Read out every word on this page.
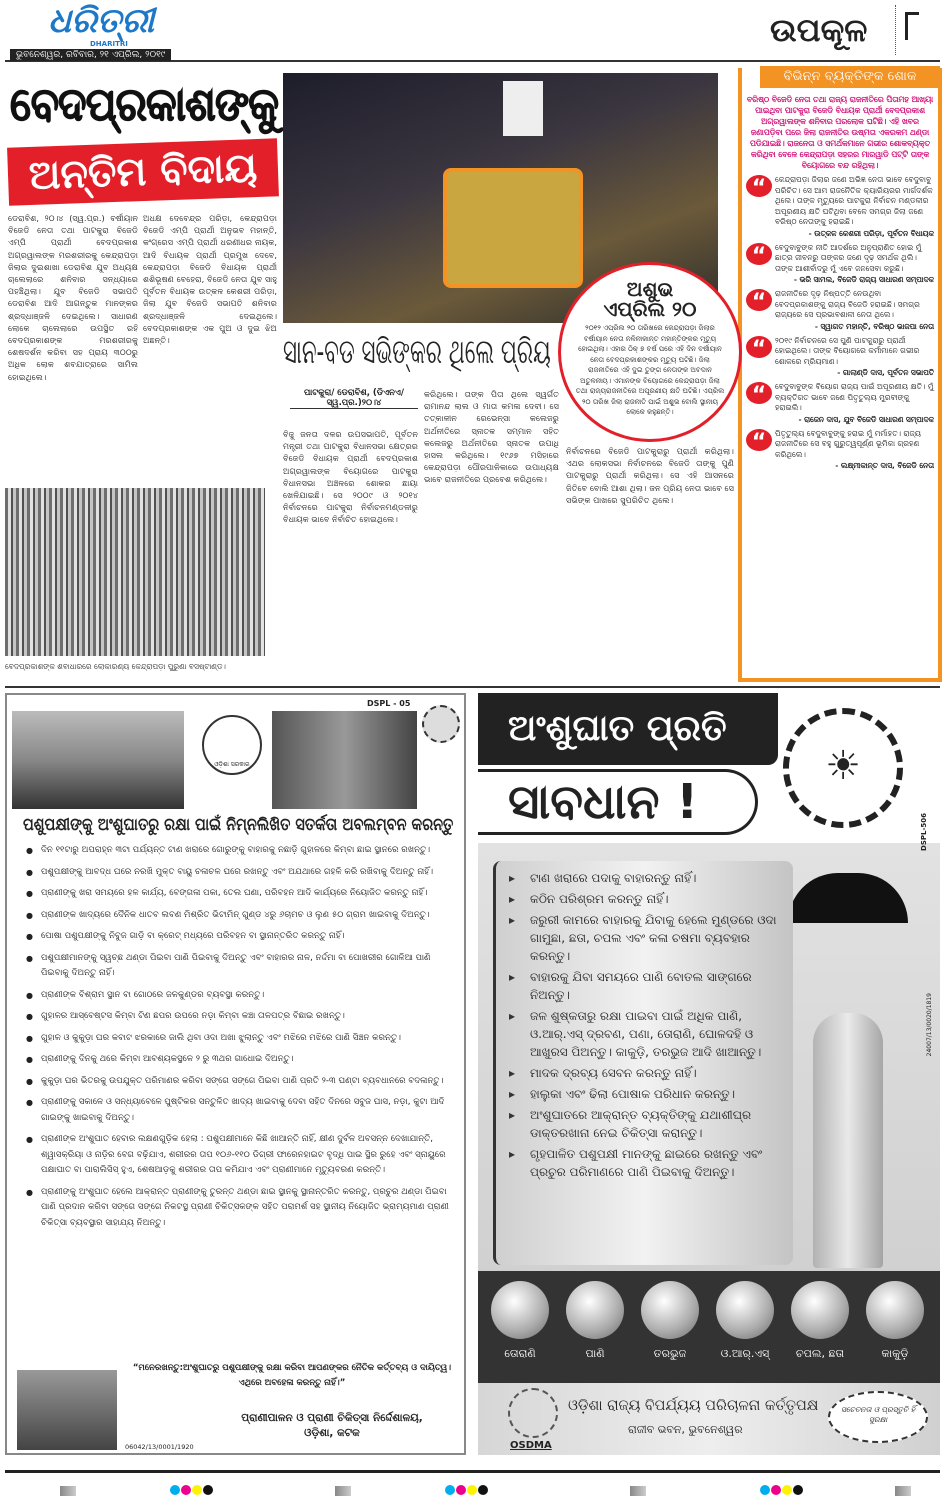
ଧରିତ୍ରୀ
DHARITRI
ଭୁବନେଶ୍ୱର, ରବିବାର, ୨୧ ଏପ୍ରିଲ, ୨୦୧୯
ଉପକୂଳ
ବେଦପ୍ରକାଶଙ୍କୁ
ଅନ୍ତିମ ବିଦାୟ
ଡେରାବିଶ, ୨୦।୪ (ସ୍ୱ.ପ୍ର.) ବର୍ଷୀୟାନ ବିଜେଡି ନେତା ତଥା ପାଟକୁରା ବିଜେଡି ଏମ୍ପି ପ୍ରାର୍ଥୀ ବେଦପ୍ରକାଶ ଅଗ୍ରୱାଲଙ୍କ ମରଶରୀରକୁ କେନ୍ଦ୍ରାପଡ଼ା ଜିଲାର ଦୁଇଶାଖା ଡେରାବିଶ ଯୁବ ଅଧ୍ୟକ୍ଷ ଚାଲେଲାରେ ଶନିବାର ସନ୍ଧ୍ୟାରେ ପହଞ୍ଚିଥିଲା। ଯୁବ ବିଜେଡି ସଭାପତି ଡେରାବିଶ ଆଦି ଆଗନ୍ତୁକ ମାନଙ୍କର ଶ୍ରଦ୍ଧାଞ୍ଜଳି ଦେଇଥିଲେ। ସାଧାରଣ ଲୋକେ ଚାଲେଲାରେ ଉପସ୍ଥିତ ରହି ବେଦପ୍ରକାଶଙ୍କ ମରଶରୀରକୁ ଶେଷଦର୍ଶନ କରିବା ସହ ପ୍ରାୟ ୩୦୦ରୁ ଅଧିକ ଲୋକ ଶବଯାତ୍ରାରେ ସାମିଲ ହୋଇଥିଲେ।
ଅଧକ୍ଷ ଦେବେନ୍ଦ୍ର ପରିଡ଼ା, କେନ୍ଦ୍ରାପଡ଼ା ବିଜେଡି ଏମ୍ପି ପ୍ରାର୍ଥୀ ଅନୁଭବ ମହାନ୍ତି, କଂଗ୍ରେସ ଏମ୍ପି ପ୍ରାର୍ଥୀ ଧରଣୀଧର ନାୟକ, ଆଦି ବିଧାୟକ ପ୍ରାର୍ଥୀ ପ୍ରମୁଖ ଦେବେ, କେନ୍ଦ୍ରାପଡ଼ା ବିଜେଡି ବିଧାୟକ ପ୍ରାର୍ଥୀ ଶଶିଭୂଷଣ ବେହେରା, ବିଜେଡି ନେତା ଯୁବ ସାହୁ ପୂର୍ବତନ ବିଧାୟକ ଉତ୍କଳ କେଶରୀ ପରିଡ଼ା, ଜିଲା ଯୁବ ବିଜେଡି ସଭାପତି ଶନିବାର ଶ୍ରଦ୍ଧାଞ୍ଜଳି ଦେଇଥିଲେ। ବେଦପ୍ରକାଶଙ୍କ ଏକ ପୁଅ ଓ ଦୁଇ ଝିଅ ଅଛନ୍ତି।
ବେଦପ୍ରକାଶଙ୍କ ଶବାଧାରରେ ଲୋକାରଣ୍ୟ କେନ୍ଦ୍ରାପଡ଼ା ପୁରୁଣା ବସଷ୍ଟାଣ୍ଡ।
ସାନ-ବଡ ସଭିଙ୍କର ଥିଲେ ପ୍ରିୟ
ପାଟକୁରା/ ଡେରାବିଶ, (ଡିଏନଏ/ସ୍ୱ.ପ୍ର.)୨୦।୪
ବିଜୁ ଜନତା ଦଳର ଉପସଭାପତି, ପୂର୍ବତନ ମନ୍ତ୍ରୀ ତଥା ପାଟକୁରା ବିଧାନସଭା କ୍ଷେତ୍ରର ବିଜେଡି ବିଧାୟକ ପ୍ରାର୍ଥୀ ବେଦପ୍ରକାଶ ଅଗ୍ରୱାଲଙ୍କ ବିୟୋଗରେ ପାଟକୁରା ବିଧାନସଭା ଅଞ୍ଚଳରେ ଶୋକର ଛାୟା ଖେଳିଯାଇଛି। ସେ ୨୦୦୯ ଓ ୨୦୧୪ ନିର୍ବାଚନରେ ପାଟକୁରା ନିର୍ବାଚନମଣ୍ଡଳୀରୁ ବିଧାୟକ ଭାବେ ନିର୍ବାଚିତ ହୋଇଥିଲେ।
କରିଥିଲେ। ତାଙ୍କ ପିତା ଥିଲେ ସ୍ୱର୍ଗତ ରାମାନନ୍ଦ ଲାଲ ଓ ମାତା କମଳା ଦେବୀ। ସେ ତତ୍କାଳୀନ ରେଭେନ୍ସା କଲେଜରୁ ଅର୍ଥନୀତିରେ ସ୍ନାତକ ସମ୍ମାନ ସହିତ କଲେଜରୁ ଅର୍ଥନୀତିରେ ସ୍ନାତକ ଉପାଧି ହାସଲ କରିଥିଲେ। ୧୯୬୭ ମସିହାରେ କେନ୍ଦ୍ରାପଡ଼ା ପୌରପାଳିକାରେ ଉପାଧ୍ୟକ୍ଷ ଭାବେ ରାଜନୀତିରେ ପ୍ରବେଶ କରିଥିଲେ।
ନିର୍ବାଚନରେ ବିଜେଡି ପାଟକୁରାରୁ ପ୍ରାର୍ଥୀ କରିଥିଲା। ଏଥର ଲୋକସଭା ନିର୍ବାଚନରେ ବିଜେଡି ତାଙ୍କୁ ପୁଣି ପାଟକୁରାରୁ ପ୍ରାର୍ଥୀ କରିଥିଲା। ସେ ଏହି ଆସନରେ ଜିତିବେ ବୋଲି ଆଶା ଥିଲା। ଜନ ପ୍ରିୟ ନେତା ଭାବେ ସେ ସଭିଙ୍କ ପାଖରେ ସୁପରିଚିତ ଥିଲେ।
ଅଶୁଭ
ଏପ୍ରିଲ ୨୦

୨୦୧୨ ଏପ୍ରିଲ ୨୦ ତାରିଖରେ କେନ୍ଦ୍ରାପଡ଼ା ଜିଲାର ବର୍ଷୀୟାନ ନେତା ନଳିନୀକାନ୍ତ ମହାନ୍ତିଙ୍କର ମୃତ୍ୟୁ ହୋଇଥିଲା। ଏହାର ଠିକ୍ ୭ ବର୍ଷ ପରେ ଏହି ଦିନ ବର୍ଷୀୟାନ ନେତା ବେଦପ୍ରକାଶଙ୍କର ମୃତ୍ୟୁ ଘଟିଛି। ଜିଲା ରାଜନୀତିରେ ଏହି ଦୁଇ ତୁଙ୍ଗ ନେତାଙ୍କ ଅବଦାନ ଅତୁଳନୀୟ। ଏମାନଙ୍କ ବିୟୋଗରେ କେନ୍ଦ୍ରାପଡ଼ା ଜିଲା ତଥା ରାଜ୍ୟରାଜନୀତିରେ ଅପୂରଣୀୟ କ୍ଷତି ଘଟିଛି। ଏପ୍ରିଲ ୨୦ ତାରିଖ ଜିଲା ରାଜନୀତି ପାଇଁ ଅଶୁଭ ବୋଲି ସ୍ଥାନୀୟ ଲୋକେ କହୁଛନ୍ତି।

ବରିଷ୍ଠ ବିଜେଡି ନେତା ତଥା ରାଜ୍ୟ ରାଜନୀତିରେ ପିତାମହ ଆଖ୍ୟା ପାଇଥିବା ପାଟକୁରା ବିଜେଡି ବିଧାୟକ ପ୍ରାର୍ଥୀ ବେଦପ୍ରକାଶ ଅଗ୍ରୱାଲଙ୍କ ଶନିବାର ପରଲୋକ ଘଟିଛି। ଏହି ଖବର ଜଣାପଡ଼ିବା ପରେ ଜିଲା ରାଜନୀତିର ଉଷ୍ମତା ଏକରକମ ଥଣ୍ଡା ପଡିଯାଇଛି। ରାଜନେତା ଓ ସମର୍ଥକମାନେ ଗଭୀର ଶୋକବ୍ୟକ୍ତ କରିଥିବା ବେଳେ କେନ୍ଦ୍ରାପଡ଼ା ସହରର ମାରୱାଡି ପଟ୍ଟି ତାଙ୍କ ବିୟୋଗରେ ବନ୍ଦ ରହିଥିଲା।
“	କେନ୍ଦ୍ରାପଡ଼ା ଜିଲାର ଜଣେ ଅଭିଜ୍ଞ ନେତା ଭାବେ ବେଦୁବାବୁ ପରିଚିତ। ସେ ଆମ ରାଜନୈତିକ କ୍ୟାରିୟରର ମାର୍ଗଦର୍ଶକ ଥିଲେ। ତାଙ୍କ ମୃତ୍ୟୁରେ ପାଟକୁରା ନିର୍ବାଚନ ମଣ୍ଡଳୀର ଅପୂରଣୀୟ କ୍ଷତି ଘଟିଥିବା ବେଳେ ସମଗ୍ର ଜିଲା ଜଣେ ବରିଷ୍ଠ ନେତାଙ୍କୁ ହରାଇଛି।
- ଉତ୍କଳ କେଶରୀ ପରିଡ଼ା, ପୂର୍ବତନ ବିଧାୟକ
“	ବେଦୁବାବୁଙ୍କ ନୀତି ଆଦର୍ଶରେ ଅନୁପ୍ରାଣିତ ହୋଇ ମୁଁ ଛାତ୍ର ଜୀବନରୁ ତାଙ୍କର ଜଣେ ଦୃଢ଼ ସମର୍ଥକ ଥିଲି। ତାଙ୍କ ଆଶୀର୍ବାଦରୁ ମୁଁ ଏବେ ଜନସେବା କରୁଛି।
- ଭରି ସାମଲ, ବିଜେଡି ରାଜ୍ୟ ସାଧାରଣ ସମ୍ପାଦକ
“	ରାଜନୀତିରେ ଦୃଢ଼ ନିଷ୍ପତ୍ତି ନେଉଥିବା ବେଦପ୍ରକାଶଙ୍କୁ ରାଜ୍ୟ ବିଜେଡି ହରାଇଛି। ସମଗ୍ର ରାଜ୍ୟରେ ସେ ପ୍ରଭାବଶାଳୀ ନେତା ଥିଲେ।
- ସ୍ୱାଗତ ମହାନ୍ତି, ବରିଷ୍ଠ ଭାଜପା ନେତା
“	୨୦୧୯ ନିର୍ବାଚନରେ ସେ ପୁଣି ପାଟକୁରାରୁ ପ୍ରାର୍ଥୀ ହୋଇଥିଲେ। ତାଙ୍କ ବିୟୋଗରେ କର୍ମୀମାନେ ଗଭୀର ଶୋକରେ ମ୍ରିୟମାଣ।
- ଗାଲାଣ୍ଡି ଦାସ, ପୂର୍ବତନ ସଭାପତି
“	ବେଦୁବାବୁଙ୍କ ବିୟୋଗ ରାଜ୍ୟ ପାଇଁ ଅପୂରଣୀୟ କ୍ଷତି। ମୁଁ ବ୍ୟକ୍ତିଗତ ଭାବେ ଜଣେ ପିତୃତୁଲ୍ୟ ମୁରବୀଙ୍କୁ ହରାଇଲି।
- ରାଜେନ ଦାସ, ଯୁବ ବିଜେଡି ସାଧାରଣ ସମ୍ପାଦକ
“	ପିତୃତୁଲ୍ୟ ବେଦୁବାବୁଙ୍କୁ ହରାଇ ମୁଁ ମର୍ମାହତ। ରାଜ୍ୟ ରାଜନୀତିରେ ସେ ବହୁ ଗୁରୁତ୍ୱପୂର୍ଣ୍ଣ ଭୂମିକା ଗ୍ରହଣ କରିଥିଲେ।
- ଲକ୍ଷ୍ମୀକାନ୍ତ ଦାସ, ବିଜେଡି ନେତା
ବିଭିନ୍ନ ବ୍ୟକ୍ତିଙ୍କ ଶୋକ
ଓଡ଼ିଶା ସରକାର
DSPL - 05
ପଶୁପକ୍ଷୀଙ୍କୁ ଅଂଶୁଘାତରୁ ରକ୍ଷା ପାଇଁ ନିମ୍ନଲିଖିତ ସତର୍କତା ଅବଲମ୍ବନ କରନ୍ତୁ
● ଦିନ ୧୧ଟାରୁ ଅପରାହ୍ନ ୩ଟା ପର୍ଯ୍ୟନ୍ତ ଟାଣ ଖରାରେ ଗୋରୁଙ୍କୁ ବାହାରକୁ ନଛାଡ଼ି ଗୁହାଳରେ କିମ୍ବା ଛାଇ ସ୍ଥାନରେ ରଖନ୍ତୁ।
● ପଶୁପକ୍ଷୀଙ୍କୁ ଆବଦ୍ଧ ଘରେ ନରଖି ମୁକ୍ତ ବାୟୁ ଚଳାଚଳ ଘରେ ରଖନ୍ତୁ ଏବଂ ଅଯଥାରେ ଗହଳି କରି ରଖିବାକୁ ଦିଅନ୍ତୁ ନାହିଁ।
● ପ୍ରାଣୀଙ୍କୁ ଖରା ସମୟରେ ହଳ କାର୍ଯ୍ୟ, ବେଙ୍ଗଳା ପକା, ତେଲ ଘଣା, ପରିବହନ ଆଦି କାର୍ଯ୍ୟରେ ନିୟୋଜିତ କରନ୍ତୁ ନାହିଁ।
● ପ୍ରାଣୀଙ୍କ ଖାଦ୍ୟରେ ଦୈନିକ ଧାତବ ଲବଣ ମିଶ୍ରିତ ଭିଟାମିନ୍ ଗୁଣ୍ଡ ୪ରୁ ୬ଚାମଚ ଓ ଲୁଣ ୫୦ ଗ୍ରାମ ଖାଇବାକୁ ଦିଅନ୍ତୁ।
● ପୋଷା ପଶୁପକ୍ଷୀଙ୍କୁ ନିବୁଜ ଗାଡ଼ି ବା କ୍ରେଟ୍ ମଧ୍ୟରେ ପରିବହନ ବା ସ୍ଥାନାନ୍ତରିତ କରନ୍ତୁ ନାହିଁ।
● ପଶୁପକ୍ଷୀମାନଙ୍କୁ ସ୍ୱଚ୍ଛ ଥଣ୍ଡା ପିଇବା ପାଣି ପିଇବାକୁ ଦିଅନ୍ତୁ ଏବଂ ବାହାରର ନାଳ, ନର୍ଦ୍ଦମା ବା ପୋଖରୀର ଗୋଳିଆ ପାଣି ପିଇବାକୁ ଦିଅନ୍ତୁ ନାହିଁ।
● ପ୍ରାଣୀଙ୍କ ବିଶ୍ରାମ ସ୍ଥାନ ବା ଗୋଠରେ ଜଳକୁଣ୍ଡର ବ୍ୟବସ୍ଥା କରନ୍ତୁ।
● ଗୁହାଳର ଆସ୍ବେଷ୍ଟସ କିମ୍ବା ଟିଣ ଛପର ଉପରେ ନଡ଼ା କିମ୍ବା କଞ୍ଚା ତାଳପତ୍ର ବିଛାଇ ରଖନ୍ତୁ।
● ଗୁହାଳ ଓ କୁକୁଡ଼ା ଘର କବାଟ ଝରକାରେ ଜାଲି ଥିବା ଓଦା ଅଖା ଝୁଲାନ୍ତୁ ଏବଂ ମଝିରେ ମଝିରେ ପାଣି ସିଞ୍ଚନ କରନ୍ତୁ।
● ପ୍ରାଣୀଙ୍କୁ ଦିନକୁ ଥରେ କିମ୍ବା ଆବଶ୍ୟକସ୍ଥଳେ ୨ ରୁ ୩ଥର ଗାଧୋଇ ଦିଅନ୍ତୁ।
● କୁକୁଡ଼ା ଘର ଭିତରକୁ ଉପଯୁକ୍ତ ପରିମାଣର କରିବା ସଙ୍ଗେ ସଙ୍ଗେ ପିଇବା ପାଣି ପ୍ରତି ୨-୩ ଘଣ୍ଟା ବ୍ୟବଧାନରେ ବଦଳାନ୍ତୁ।
● ପ୍ରାଣୀଙ୍କୁ ସକାଳେ ଓ ସନ୍ଧ୍ୟାବେଳେ ପୁଷ୍ଟିକର ସନ୍ତୁଳିତ ଖାଦ୍ୟ ଖାଇବାକୁ ଦେବା ସହିତ ଦିନରେ ସବୁଜ ଘାସ, ନଡ଼ା, କୁଟା ଆଦି ଗାଇଙ୍କୁ ଖାଇବାକୁ ଦିଅନ୍ତୁ।
● ପ୍ରାଣୀଙ୍କ ଅଂଶୁଘାତ ହେବାର ଲକ୍ଷଣଗୁଡ଼ିକ ହେଲା : ପଶୁପକ୍ଷୀମାନେ କିଛି ଖାଆନ୍ତି ନାହିଁ, କ୍ଷୀଣ ଦୁର୍ବଳ ଅବସନ୍ନ ଦେଖାଯାନ୍ତି, ଶ୍ୱାସକ୍ରିୟା ଓ ନାଡ଼ିର ବେଗ ବଢ଼ିଯାଏ, ଶରୀରର ତାପ ୧୦୬-୧୧୦ ଡିଗ୍ରୀ ଫାରେନହାଇଟ ବୃଦ୍ଧି ପାଇ ସ୍ଥିର ରୁହେ ଏବଂ ସ୍ନାୟୁରେ ପକ୍ଷାଘାତ ବା ପାରାଲିସିସ୍ ହୁଏ, ଶେଷଆଡ଼କୁ ଶରୀରର ତାପ କମିଯାଏ ଏବଂ ପ୍ରାଣୀମାନେ ମୃତ୍ୟୁବରଣ କରନ୍ତି।
● ପ୍ରାଣୀଙ୍କୁ ଅଂଶୁଘାତ ହେଲେ ଆକ୍ରାନ୍ତ ପ୍ରାଣୀଙ୍କୁ ତୁରନ୍ତ ଥଣ୍ଡା ଛାଇ ସ୍ଥାନକୁ ସ୍ଥାନାନ୍ତରିତ କରନ୍ତୁ, ପ୍ରଚୁର ଥଣ୍ଡା ପିଇବା ପାଣି ପ୍ରଦାନ କରିବା ସଙ୍ଗେ ସଙ୍ଗେ ନିକଟସ୍ଥ ପ୍ରାଣୀ ଚିକିତ୍ସକଙ୍କ ସହିତ ପରାମର୍ଶ ସହ ସ୍ଥାନୀୟ ନିୟୋଜିତ ଭ୍ରାମ୍ୟମାଣ ପ୍ରାଣୀ ଚିକିତ୍ସା ବ୍ୟବସ୍ଥାର ସାହାଯ୍ୟ ନିଅନ୍ତୁ।
“ମନେରଖନ୍ତୁ:ଅଂଶୁଘାତରୁ ପଶୁପକ୍ଷୀଙ୍କୁ ରକ୍ଷା କରିବା ଆପଣଙ୍କର ନୈତିକ କର୍ତ୍ତବ୍ୟ ଓ ଦାୟିତ୍ୱ। ଏଥିରେ ଅବହେଳା କରନ୍ତୁ ନାହିଁ।”
ପ୍ରାଣୀପାଳନ ଓ ପ୍ରାଣୀ ଚିକିତ୍ସା ନିର୍ଦ୍ଦେଶାଳୟ,
ଓଡ଼ିଶା, କଟକ
06042/13/0001/1920
ଅଂଶୁଘାତ ପ୍ରତି
ସାବଧାନ !
☀
DSPL-506
24007/13/0020/1819
▸ ଟାଣ ଖରାରେ ପଦାକୁ ବାହାରନ୍ତୁ ନାହିଁ।
▸ କଠିନ ପରିଶ୍ରମ କରନ୍ତୁ ନାହିଁ।
▸ ଜରୁରୀ କାମରେ ବାହାରକୁ ଯିବାକୁ ହେଲେ ମୁଣ୍ଡରେ ଓଦା ଗାମୁଛା, ଛତା, ଚପଲ ଏବଂ କଳା ଚଷମା ବ୍ୟବହାର କରନ୍ତୁ।
▸ ବାହାରକୁ ଯିବା ସମୟରେ ପାଣି ବୋତଲ ସାଙ୍ଗରେ ନିଅନ୍ତୁ।
▸ ଜଳ ଶୁଷ୍କତାରୁ ରକ୍ଷା ପାଇବା ପାଇଁ ଅଧିକ ପାଣି, ଓ.ଆର୍.ଏସ୍ ଦ୍ରବଣ, ପଣା, ତୋରାଣି, ଘୋଳଦହି ଓ ଆଖୁରସ ପିଅନ୍ତୁ। କାକୁଡ଼ି, ତରଭୁଜ ଆଦି ଖାଆନ୍ତୁ।
▸ ମାଦକ ଦ୍ରବ୍ୟ ସେବନ କରନ୍ତୁ ନାହିଁ।
▸ ହାଲୁକା ଏବଂ ଢିଲା ପୋଷାକ ପରିଧାନ କରନ୍ତୁ।
▸ ଅଂଶୁଘାତରେ ଆକ୍ରାନ୍ତ ବ୍ୟକ୍ତିଙ୍କୁ ଯଥାଶୀଘ୍ର ଡାକ୍ତରଖାନା ନେଇ ଚିକିତ୍ସା କରାନ୍ତୁ।
▸ ଗୃହପାଳିତ ପଶୁପକ୍ଷୀ ମାନଙ୍କୁ ଛାଇରେ ରଖନ୍ତୁ ଏବଂ ପ୍ରଚୁର ପରିମାଣରେ ପାଣି ପିଇବାକୁ ଦିଅନ୍ତୁ।
ତୋରାଣି	ପାଣି	ତରଭୁଜ	ଓ.ଆର୍.ଏସ୍	ଚପଲ, ଛତା	କାକୁଡ଼ି
OSDMA
ଓଡ଼ିଶା ରାଜ୍ୟ ବିପର୍ଯ୍ୟୟ ପରିଚାଳନା କର୍ତ୍ତୃପକ୍ଷ
ରାଜୀବ ଭବନ, ଭୁବନେଶ୍ୱର
ସଚେତନତା ଓ ପ୍ରସ୍ତୁତି ହିଁ ସୁରକ୍ଷା
